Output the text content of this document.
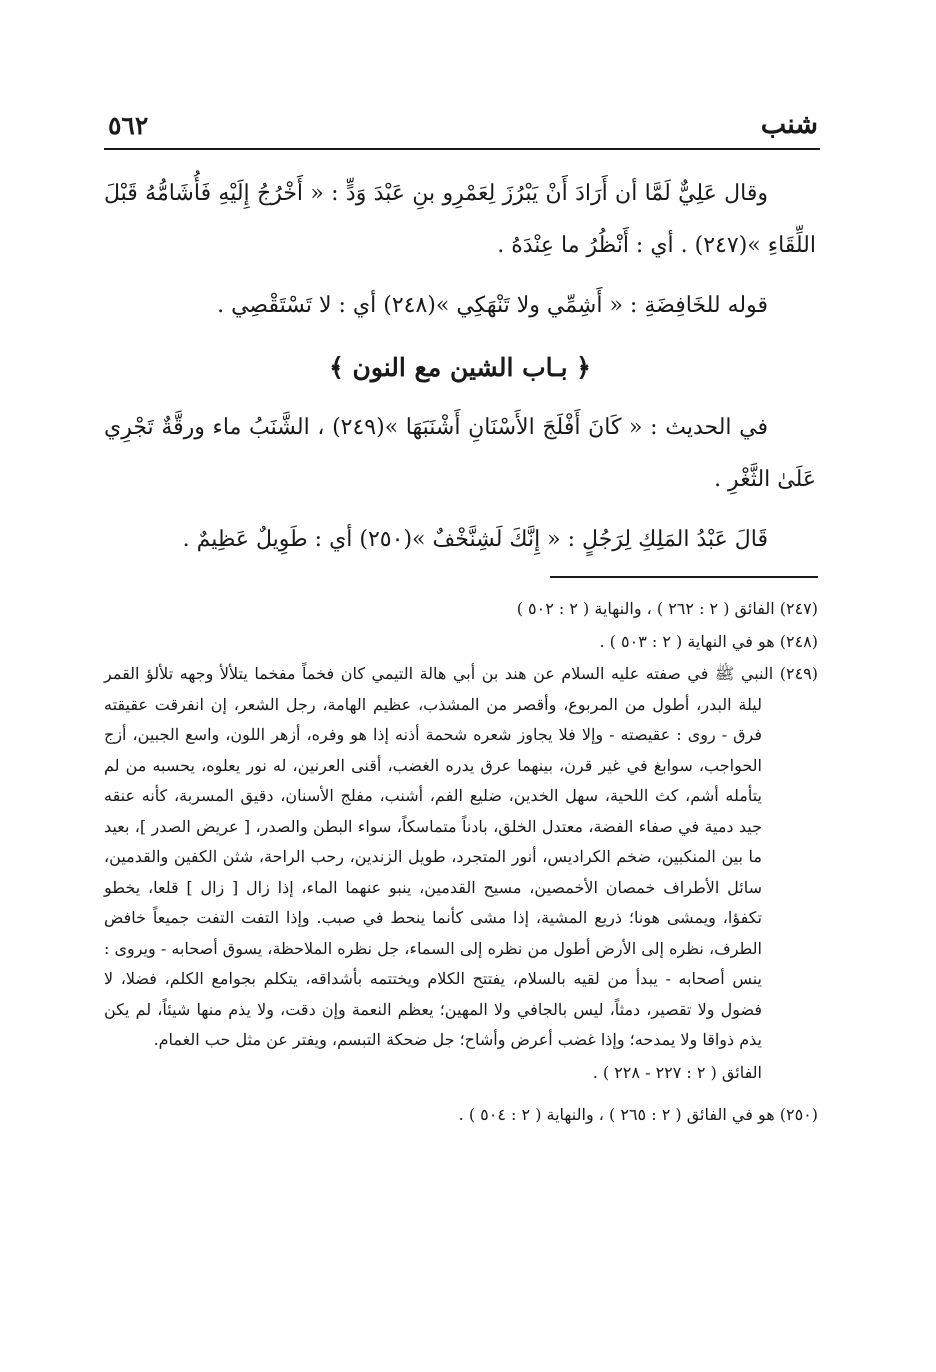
شنب
٥٦٢

وقال عَلِيٌّ لَمَّا أن أَرَادَ أَنْ يَبْرُزَ لِعَمْرِو بنِ عَبْدَ وَدٍّ : « أَخْرُجُ إِلَيْهِ فَأُشَامُّهُ قَبْلَ اللِّقَاءِ »(٢٤٧) . أي : أَنْظُرُ ما عِنْدَهُ .

قوله للخَافِضَةِ : « أَشِمِّي ولا تَنْهَكِي »(٢٤٨) أي : لا تَسْتَقْصِي .

﴿ بـاب الشين مع النون ﴾

في الحديث : « كَانَ أَفْلَجَ الأَسْنَانِ أَشْنَبَهَا »(٢٤٩) ، الشَّنَبُ ماء ورقَّةٌ تَجْرِي عَلَىٰ الثَّغْرِ .

قَالَ عَبْدُ المَلِكِ لِرَجُلٍ : « إِنَّكَ لَشِنَّخْفٌ »(٢٥٠) أي : طَوِيلٌ عَظِيمٌ .

(٢٤٧) الفائق ( ٢ : ٢٦٢ ) ، والنهاية ( ٢ : ٥٠٢ )

(٢٤٨) هو في النهاية ( ٢ : ٥٠٣ ) .

(٢٤٩) النبي ﷺ في صفته عليه السلام عن هند بن أبي هالة التيمي كان فخماً مفخما يتلألأ وجهه تلألؤ القمر ليلة البدر، أطول من المربوع، وأقصر من المشذب، عظيم الهامة، رجل الشعر، إن انفرقت عقيقته فرق - روى : عقيصته - وإلا فلا يجاوز شعره شحمة أذنه إذا هو وفره، أزهر اللون، واسع الجبين، أزج الحواجب، سوابغ في غير قرن، بينهما عرق يدره الغضب، أقنى العرنين، له نور يعلوه، يحسبه من لم يتأمله أشم، كث اللحية، سهل الخدين، ضليع الفم، أشنب، مفلج الأسنان، دقيق المسربة، كأنه عنقه جيد دمية في صفاء الفضة، معتدل الخلق، بادناً متماسكاً، سواء البطن والصدر، [ عريض الصدر ]، بعيد ما بين المنكبين، ضخم الكراديس، أنور المتجرد، طويل الزندين، رحب الراحة، شثن الكفين والقدمين، سائل الأطراف خمصان الأخمصين، مسيح القدمين، ينبو عنهما الماء، إذا زال [ زال ] قلعا، يخطو تكفؤا، ويمشى هونا؛ ذريع المشية، إذا مشى كأنما ينحط في صبب. وإذا التفت التفت جميعاً خافض الطرف، نظره إلى الأرض أطول من نظره إلى السماء، جل نظره الملاحظة، يسوق أصحابه - ويروى : ينس أصحابه - يبدأ من لقيه بالسلام، يفتتح الكلام ويختتمه بأشداقه، يتكلم بجوامع الكلم، فضلا، لا فضول ولا تقصير، دمثاً، ليس بالجافي ولا المهين؛ يعظم النعمة وإن دقت، ولا يذم منها شيئاً، لم يكن يذم ذواقا ولا يمدحه؛ وإذا غضب أعرض وأشاح؛ جل ضحكة التبسم، ويفتر عن مثل حب الغمام.

الفائق ( ٢ : ٢٢٧ - ٢٢٨ ) .

(٢٥٠) هو في الفائق ( ٢ : ٢٦٥ ) ، والنهاية ( ٢ : ٥٠٤ ) .
